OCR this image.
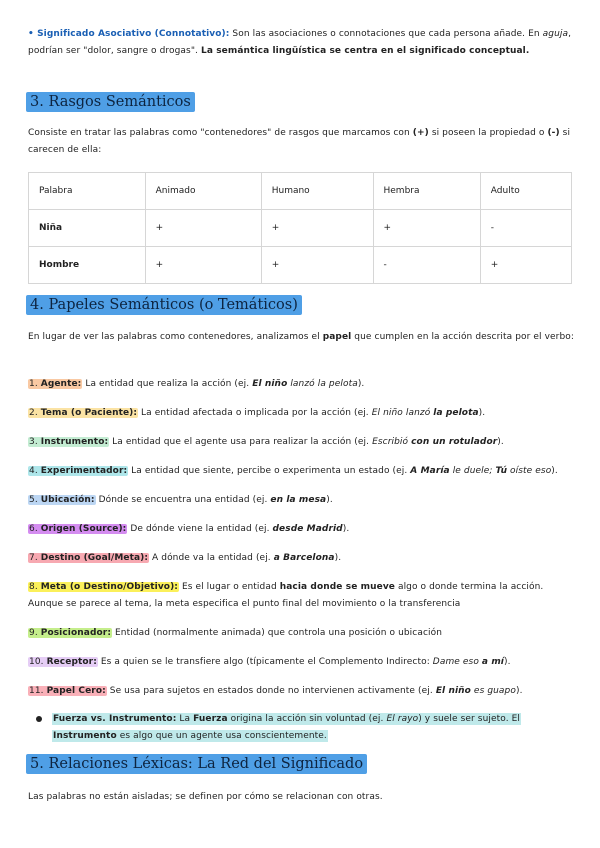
• Significado Asociativo (Connotativo): Son las asociaciones o connotaciones que cada persona añade. En aguja, podrían ser "dolor, sangre o drogas". La semántica lingüística se centra en el significado conceptual.
3. Rasgos Semánticos
Consiste en tratar las palabras como "contenedores" de rasgos que marcamos con (+) si poseen la propiedad o (-) si carecen de ella:
Palabra	Animado	Humano	Hembra	Adulto
Niña	+	+	+	-
Hombre	+	+	-	+
4. Papeles Semánticos (o Temáticos)
En lugar de ver las palabras como contenedores, analizamos el papel que cumplen en la acción descrita por el verbo:
1. Agente: La entidad que realiza la acción (ej. El niño lanzó la pelota).
2. Tema (o Paciente): La entidad afectada o implicada por la acción (ej. El niño lanzó la pelota).
3. Instrumento: La entidad que el agente usa para realizar la acción (ej. Escribió con un rotulador).
4. Experimentador: La entidad que siente, percibe o experimenta un estado (ej. A María le duele; Tú oíste eso).
5. Ubicación: Dónde se encuentra una entidad (ej. en la mesa).
6. Origen (Source): De dónde viene la entidad (ej. desde Madrid).
7. Destino (Goal/Meta): A dónde va la entidad (ej. a Barcelona).
8. Meta (o Destino/Objetivo): Es el lugar o entidad hacia donde se mueve algo o donde termina la acción. Aunque se parece al tema, la meta especifica el punto final del movimiento o la transferencia
9. Posicionador: Entidad (normalmente animada) que controla una posición o ubicación
10. Receptor: Es a quien se le transfiere algo (típicamente el Complemento Indirecto: Dame eso a mí).
11. Papel Cero: Se usa para sujetos en estados donde no intervienen activamente (ej. El niño es guapo).
Fuerza vs. Instrumento: La Fuerza origina la acción sin voluntad (ej. El rayo) y suele ser sujeto. El Instrumento es algo que un agente usa conscientemente.
5. Relaciones Léxicas: La Red del Significado
Las palabras no están aisladas; se definen por cómo se relacionan con otras.
